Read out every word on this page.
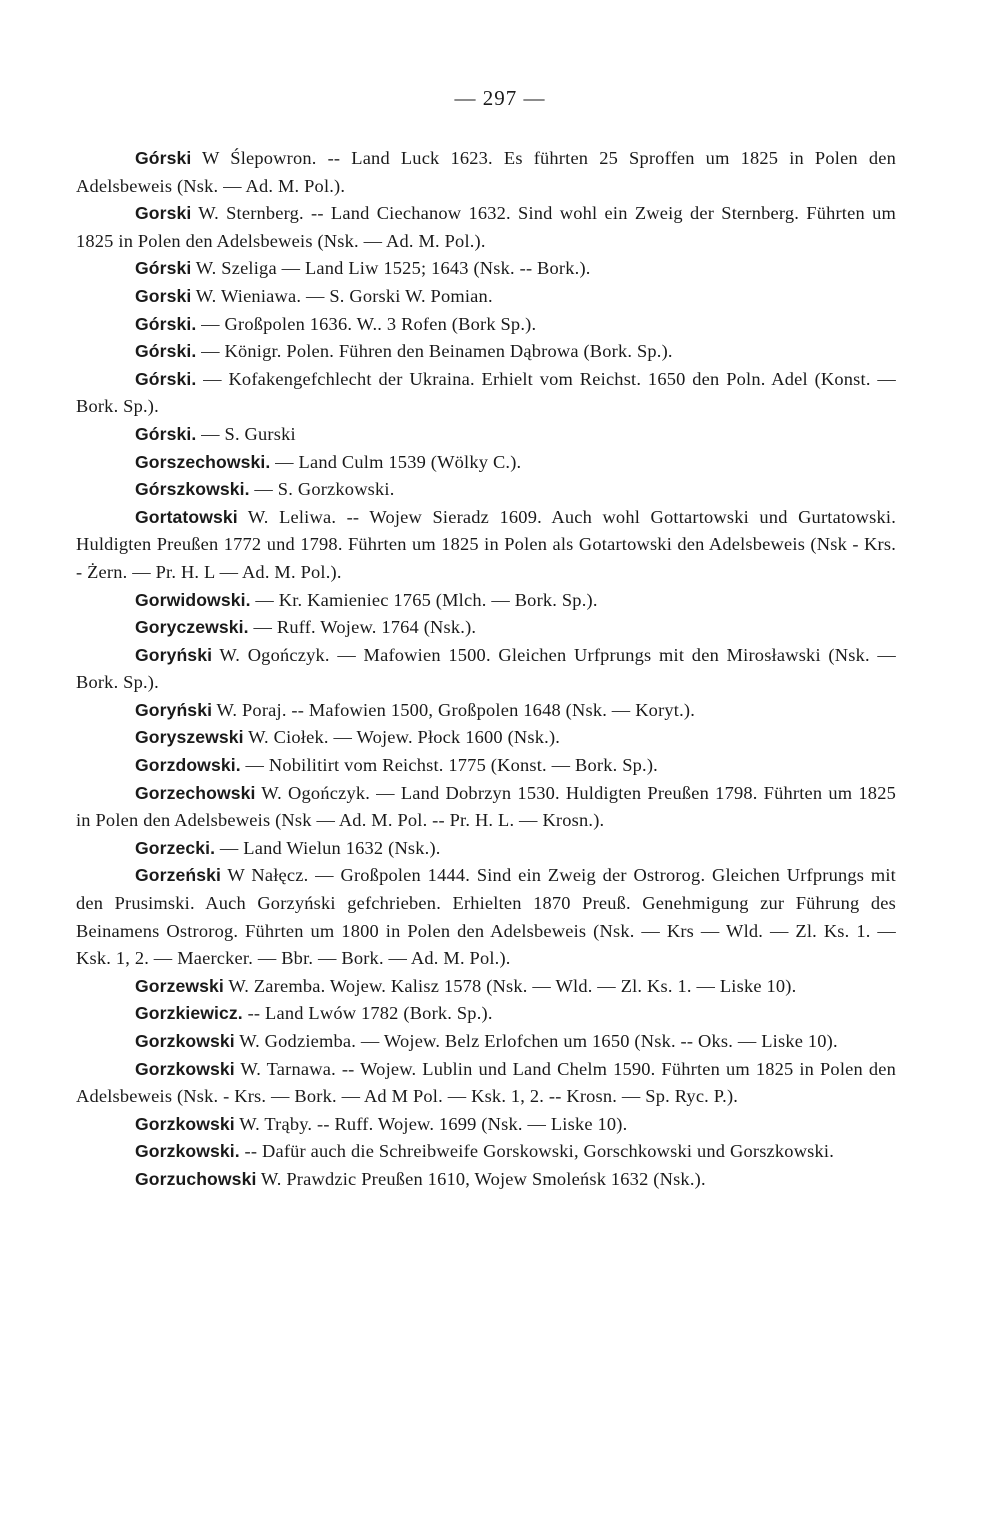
— 297 —

Górski W Ślepowron. -- Land Luck 1623. Es führten 25 Sproffen um 1825 in Polen den Adelsbeweis (Nsk. — Ad. M. Pol.).

Gorski W. Sternberg. -- Land Ciechanow 1632. Sind wohl ein Zweig der Sternberg. Führten um 1825 in Polen den Adelsbeweis (Nsk. — Ad. M. Pol.).

Górski W. Szeliga — Land Liw 1525; 1643 (Nsk. -- Bork.).

Gorski W. Wieniawa. — S. Gorski W. Pomian.

Górski. — Großpolen 1636. W.. 3 Rofen (Bork Sp.).

Górski. — Königr. Polen. Führen den Beinamen Dąbrowa (Bork. Sp.).

Górski. — Kofakengefchlecht der Ukraina. Erhielt vom Reichst. 1650 den Poln. Adel (Konst. — Bork. Sp.).

Górski. — S. Gurski

Gorszechowski. — Land Culm 1539 (Wölky C.).

Górszkowski. — S. Gorzkowski.

Gortatowski W. Leliwa. -- Wojew Sieradz 1609. Auch wohl Gottartowski und Gurtatowski. Huldigten Preußen 1772 und 1798. Führten um 1825 in Polen als Gotartowski den Adelsbeweis (Nsk - Krs. - Żern. — Pr. H. L — Ad. M. Pol.).

Gorwidowski. — Kr. Kamieniec 1765 (Mlch. — Bork. Sp.).

Goryczewski. — Ruff. Wojew. 1764 (Nsk.).

Goryński W. Ogończyk. — Mafowien 1500. Gleichen Urfprungs mit den Mirosławski (Nsk. — Bork. Sp.).

Goryński W. Poraj. -- Mafowien 1500, Großpolen 1648 (Nsk. — Koryt.).

Goryszewski W. Ciołek. — Wojew. Płock 1600 (Nsk.).

Gorzdowski. — Nobilitirt vom Reichst. 1775 (Konst. — Bork. Sp.).

Gorzechowski W. Ogończyk. — Land Dobrzyn 1530. Huldigten Preußen 1798. Führten um 1825 in Polen den Adelsbeweis (Nsk — Ad. M. Pol. -- Pr. H. L. — Krosn.).

Gorzecki. — Land Wielun 1632 (Nsk.).

Gorzeński W Nałęcz. — Großpolen 1444. Sind ein Zweig der Ostrorog. Gleichen Urfprungs mit den Prusimski. Auch Gorzyński gefchrieben. Erhielten 1870 Preuß. Genehmigung zur Führung des Beinamens Ostrorog. Führten um 1800 in Polen den Adelsbeweis (Nsk. — Krs — Wld. — Zl. Ks. 1. — Ksk. 1, 2. — Maercker. — Bbr. — Bork. — Ad. M. Pol.).

Gorzewski W. Zaremba. Wojew. Kalisz 1578 (Nsk. — Wld. — Zl. Ks. 1. — Liske 10).

Gorzkiewicz. -- Land Lwów 1782 (Bork. Sp.).

Gorzkowski W. Godziemba. — Wojew. Belz Erlofchen um 1650 (Nsk. -- Oks. — Liske 10).

Gorzkowski W. Tarnawa. -- Wojew. Lublin und Land Chelm 1590. Führten um 1825 in Polen den Adelsbeweis (Nsk. - Krs. — Bork. — Ad M Pol. — Ksk. 1, 2. -- Krosn. — Sp. Ryc. P.).

Gorzkowski W. Trąby. -- Ruff. Wojew. 1699 (Nsk. — Liske 10).

Gorzkowski. -- Dafür auch die Schreibweife Gorskowski, Gorschkowski und Gorszkowski.

Gorzuchowski W. Prawdzic Preußen 1610, Wojew Smoleńsk 1632 (Nsk.).
